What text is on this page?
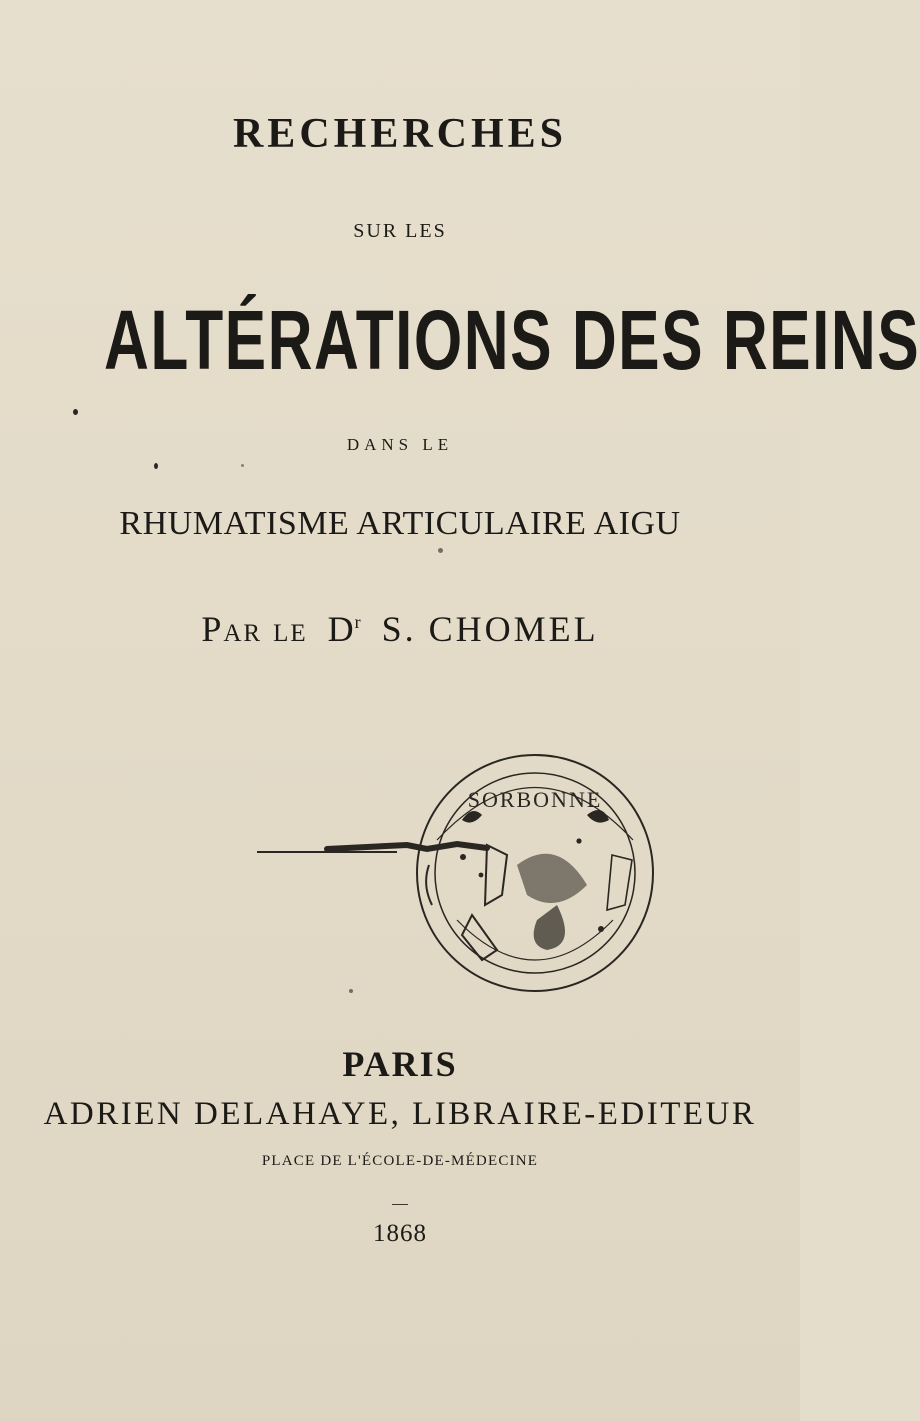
RECHERCHES
SUR LES
ALTÉRATIONS DES REINS
DANS LE
RHUMATISME ARTICULAIRE AIGU
Par le $D^r$ S. CHOMEL
SORBONNE
PARIS
ADRIEN DELAHAYE, LIBRAIRE-EDITEUR
PLACE DE L'ÉCOLE-DE-MÉDECINE
1868
